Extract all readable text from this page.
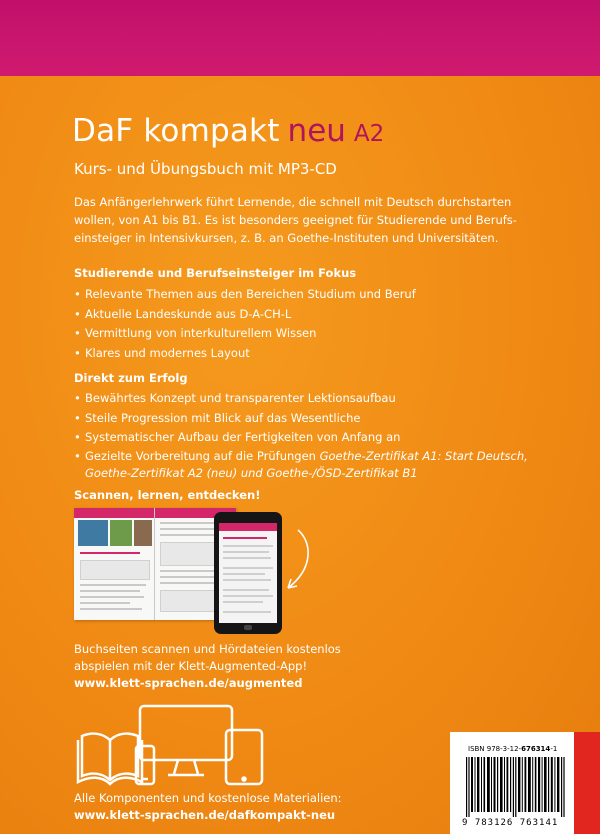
DaF kompakt neu A2
Kurs- und Übungsbuch mit MP3-CD
Das Anfängerlehrwerk führt Lernende, die schnell mit Deutsch durchstarten
wollen, von A1 bis B1. Es ist besonders geeignet für Studierende und Berufs-
einsteiger in Intensivkursen, z. B. an Goethe-Instituten und Universitäten.
Studierende und Berufseinsteiger im Fokus
• Relevante Themen aus den Bereichen Studium und Beruf
• Aktuelle Landeskunde aus D-A-CH-L
• Vermittlung von interkulturellem Wissen
• Klares und modernes Layout
Direkt zum Erfolg
• Bewährtes Konzept und transparenter Lektionsaufbau
• Steile Progression mit Blick auf das Wesentliche
• Systematischer Aufbau der Fertigkeiten von Anfang an
• Gezielte Vorbereitung auf die Prüfungen Goethe-Zertifikat A1: Start Deutsch,
Goethe-Zertifikat A2 (neu) und Goethe-/ÖSD-Zertifikat B1
Scannen, lernen, entdecken!
Buchseiten scannen und Hördateien kostenlos
abspielen mit der Klett-Augmented-App!
www.klett-sprachen.de/augmented
Alle Komponenten und kostenlose Materialien:
www.klett-sprachen.de/dafkompakt-neu
ISBN 978-3-12-676314-1
9 783126 763141
